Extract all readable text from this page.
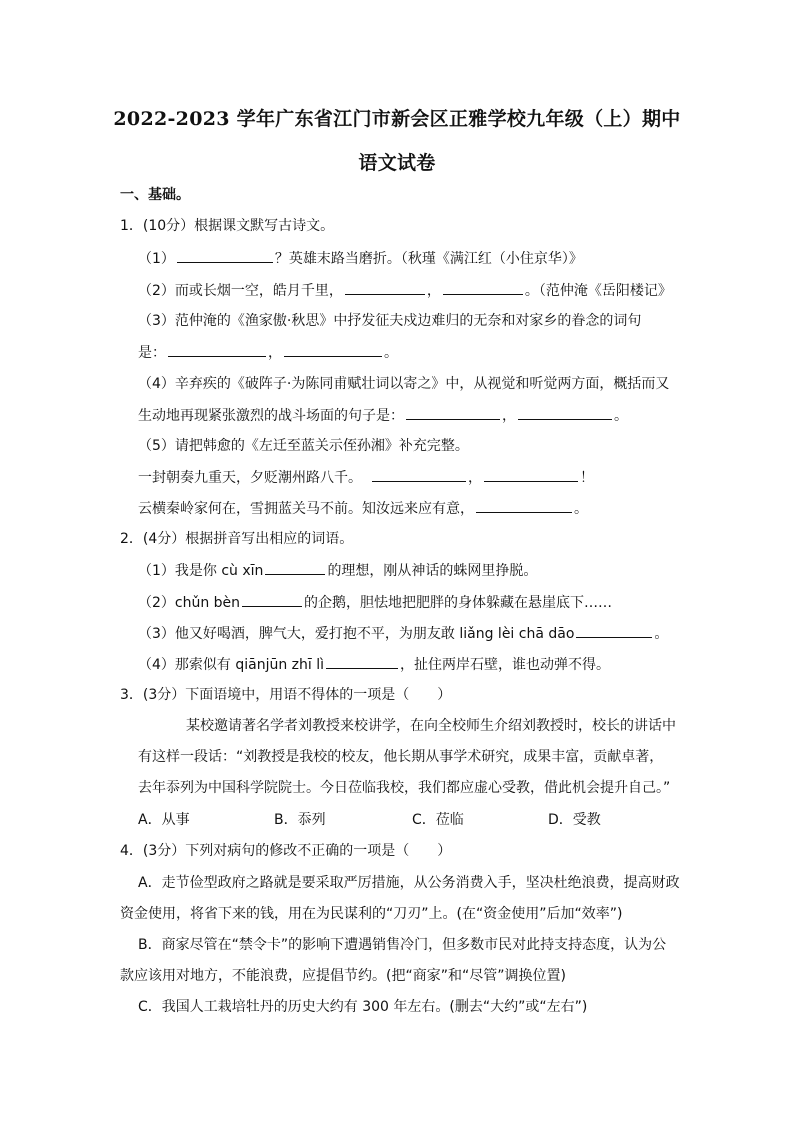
2022-2023 学年广东省江门市新会区正雅学校九年级（上）期中
语文试卷
一、基础。
1．(10分）根据课文默写古诗文。
（1）	？英雄末路当磨折。（秋瑾《满江红（小住京华）》
（2）而或长烟一空，皓月千里，	，	。（范仲淹《岳阳楼记》
（3）范仲淹的《渔家傲·秋思》中抒发征夫戍边难归的无奈和对家乡的眷念的词句
是：	，	。
（4）辛弃疾的《破阵子·为陈同甫赋壮词以寄之》中，从视觉和听觉两方面，概括而又
生动地再现紧张激烈的战斗场面的句子是：	，	。
（5）请把韩愈的《左迁至蓝关示侄孙湘》补充完整。
一封朝奏九重天，夕贬潮州路八千。	，	！
云横秦岭家何在，雪拥蓝关马不前。知汝远来应有意，	。
2．(4分）根据拼音写出相应的词语。
（1）我是你 cù xīn	的理想，刚从神话的蛛网里挣脱。
（2）chǔn bèn	的企鹅，胆怯地把肥胖的身体躲藏在悬崖底下……
（3）他又好喝酒，脾气大，爱打抱不平，为朋友敢 liǎng lèi chā dāo	。
（4）那索似有 qiānjūn zhī lì	，扯住两岸石壁，谁也动弹不得。
3．(3分）下面语境中，用语不得体的一项是（　　）
某校邀请著名学者刘教授来校讲学，在向全校师生介绍刘教授时，校长的讲话中
有这样一段话：“刘教授是我校的校友，他长期从事学术研究，成果丰富，贡献卓著，
去年忝列为中国科学院院士。今日莅临我校，我们都应虚心受教，借此机会提升自己。”
A．从事	B．忝列	C．莅临	D．受教
4．(3分）下列对病句的修改不正确的一项是（　　）
A．走节俭型政府之路就是要采取严厉措施，从公务消费入手，坚决杜绝浪费，提高财政
资金使用，将省下来的钱，用在为民谋利的“刀刃”上。(在“资金使用”后加“效率”)
B．商家尽管在“禁令卡”的影响下遭遇销售冷门，但多数市民对此持支持态度，认为公
款应该用对地方，不能浪费，应提倡节约。(把“商家”和“尽管”调换位置)
C．我国人工栽培牡丹的历史大约有 300 年左右。(删去“大约”或“左右”)
